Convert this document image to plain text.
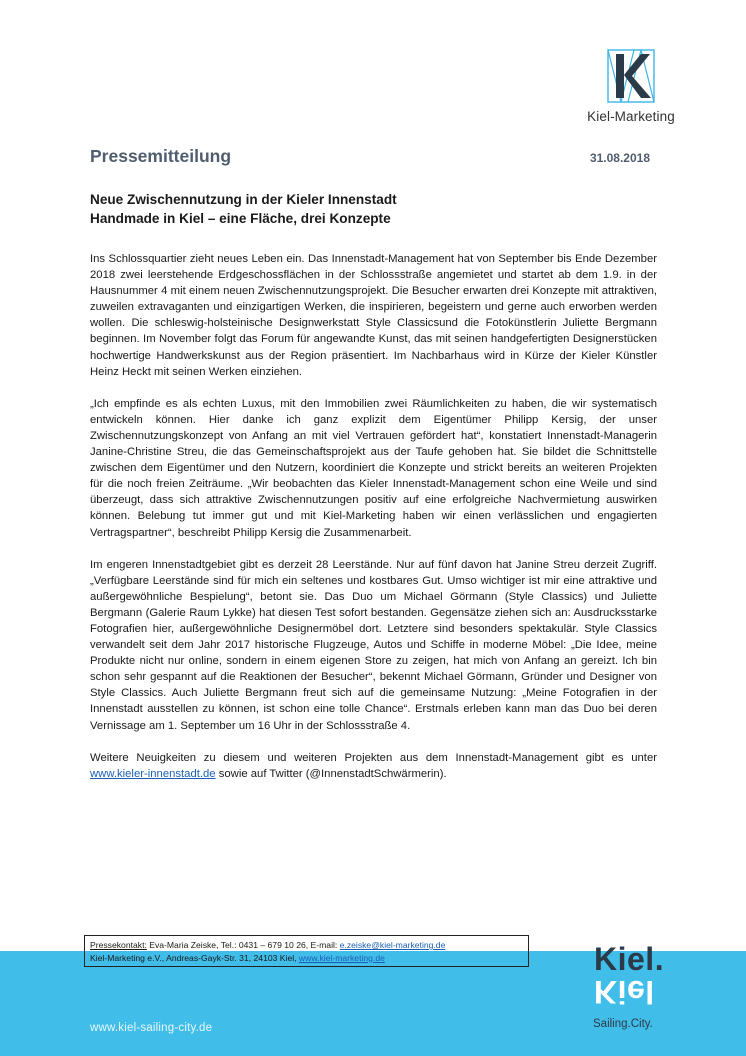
Kiel-Marketing
Pressemitteilung	31.08.2018
Neue Zwischennutzung in der Kieler Innenstadt
Handmade in Kiel – eine Fläche, drei Konzepte

Ins Schlossquartier zieht neues Leben ein. Das Innenstadt-Management hat von September bis Ende Dezember 2018 zwei leerstehende Erdgeschossflächen in der Schlossstraße angemietet und startet ab dem 1.9. in der Hausnummer 4 mit einem neuen Zwischennutzungsprojekt. Die Besucher erwarten drei Konzepte mit attraktiven, zuweilen extravaganten und einzigartigen Werken, die inspirieren, begeistern und gerne auch erworben werden wollen. Die schleswig-holsteinische Designwerkstatt Style Classicsund die Fotokünstlerin Juliette Bergmann beginnen. Im November folgt das Forum für angewandte Kunst, das mit seinen handgefertigten Designerstücken hochwertige Handwerkskunst aus der Region präsentiert. Im Nachbarhaus wird in Kürze der Kieler Künstler Heinz Heckt mit seinen Werken einziehen.

„Ich empfinde es als echten Luxus, mit den Immobilien zwei Räumlichkeiten zu haben, die wir systematisch entwickeln können. Hier danke ich ganz explizit dem Eigentümer Philipp Kersig, der unser Zwischennutzungskonzept von Anfang an mit viel Vertrauen gefördert hat“, konstatiert Innenstadt-Managerin Janine-Christine Streu, die das Gemeinschaftsprojekt aus der Taufe gehoben hat. Sie bildet die Schnittstelle zwischen dem Eigentümer und den Nutzern, koordiniert die Konzepte und strickt bereits an weiteren Projekten für die noch freien Zeiträume. „Wir beobachten das Kieler Innenstadt-Management schon eine Weile und sind überzeugt, dass sich attraktive Zwischennutzungen positiv auf eine erfolgreiche Nachvermietung auswirken können. Belebung tut immer gut und mit Kiel-Marketing haben wir einen verlässlichen und engagierten Vertragspartner“, beschreibt Philipp Kersig die Zusammenarbeit.

Im engeren Innenstadtgebiet gibt es derzeit 28 Leerstände. Nur auf fünf davon hat Janine Streu derzeit Zugriff. „Verfügbare Leerstände sind für mich ein seltenes und kostbares Gut. Umso wichtiger ist mir eine attraktive und außergewöhnliche Bespielung“, betont sie. Das Duo um Michael Görmann (Style Classics) und Juliette Bergmann (Galerie Raum Lykke) hat diesen Test sofort bestanden. Gegensätze ziehen sich an: Ausdrucksstarke Fotografien hier, außergewöhnliche Designermöbel dort. Letztere sind besonders spektakulär. Style Classics verwandelt seit dem Jahr 2017 historische Flugzeuge, Autos und Schiffe in moderne Möbel: „Die Idee, meine Produkte nicht nur online, sondern in einem eigenen Store zu zeigen, hat mich von Anfang an gereizt. Ich bin schon sehr gespannt auf die Reaktionen der Besucher“, bekennt Michael Görmann, Gründer und Designer von Style Classics. Auch Juliette Bergmann freut sich auf die gemeinsame Nutzung: „Meine Fotografien in der Innenstadt ausstellen zu können, ist schon eine tolle Chance“. Erstmals erleben kann man das Duo bei deren Vernissage am 1. September um 16 Uhr in der Schlossstraße 4.

Weitere Neuigkeiten zu diesem und weiteren Projekten aus dem Innenstadt-Management gibt es unter www.kieler-innenstadt.de sowie auf Twitter (@InnenstadtSchwärmerin).

www.kiel-sailing-city.de
Pressekontakt: Eva-Maria Zeiske, Tel.: 0431 – 679 10 26, E-mail: e.zeiske@kiel-marketing.de
Kiel-Marketing e.V., Andreas-Gayk-Str. 31, 24103 Kiel, www.kiel-marketing.de	Kiel.
Kiel
Sailing.City.
